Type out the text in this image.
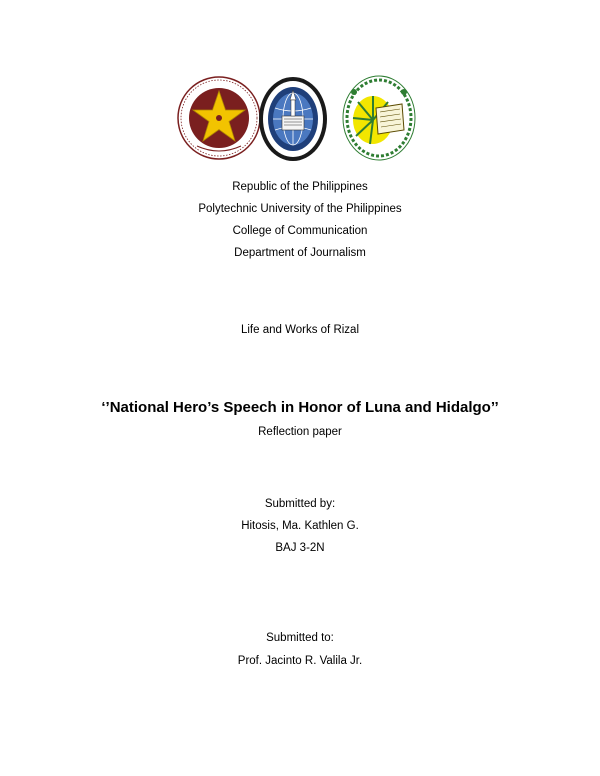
Republic of the Philippines
Polytechnic University of the Philippines
College of Communication
Department of Journalism
Life and Works of Rizal
‘’National Hero’s Speech in Honor of Luna and Hidalgo’’
Reflection paper
Submitted by:
Hitosis, Ma. Kathlen G.
BAJ 3-2N
Submitted to:
Prof. Jacinto R. Valila Jr.
